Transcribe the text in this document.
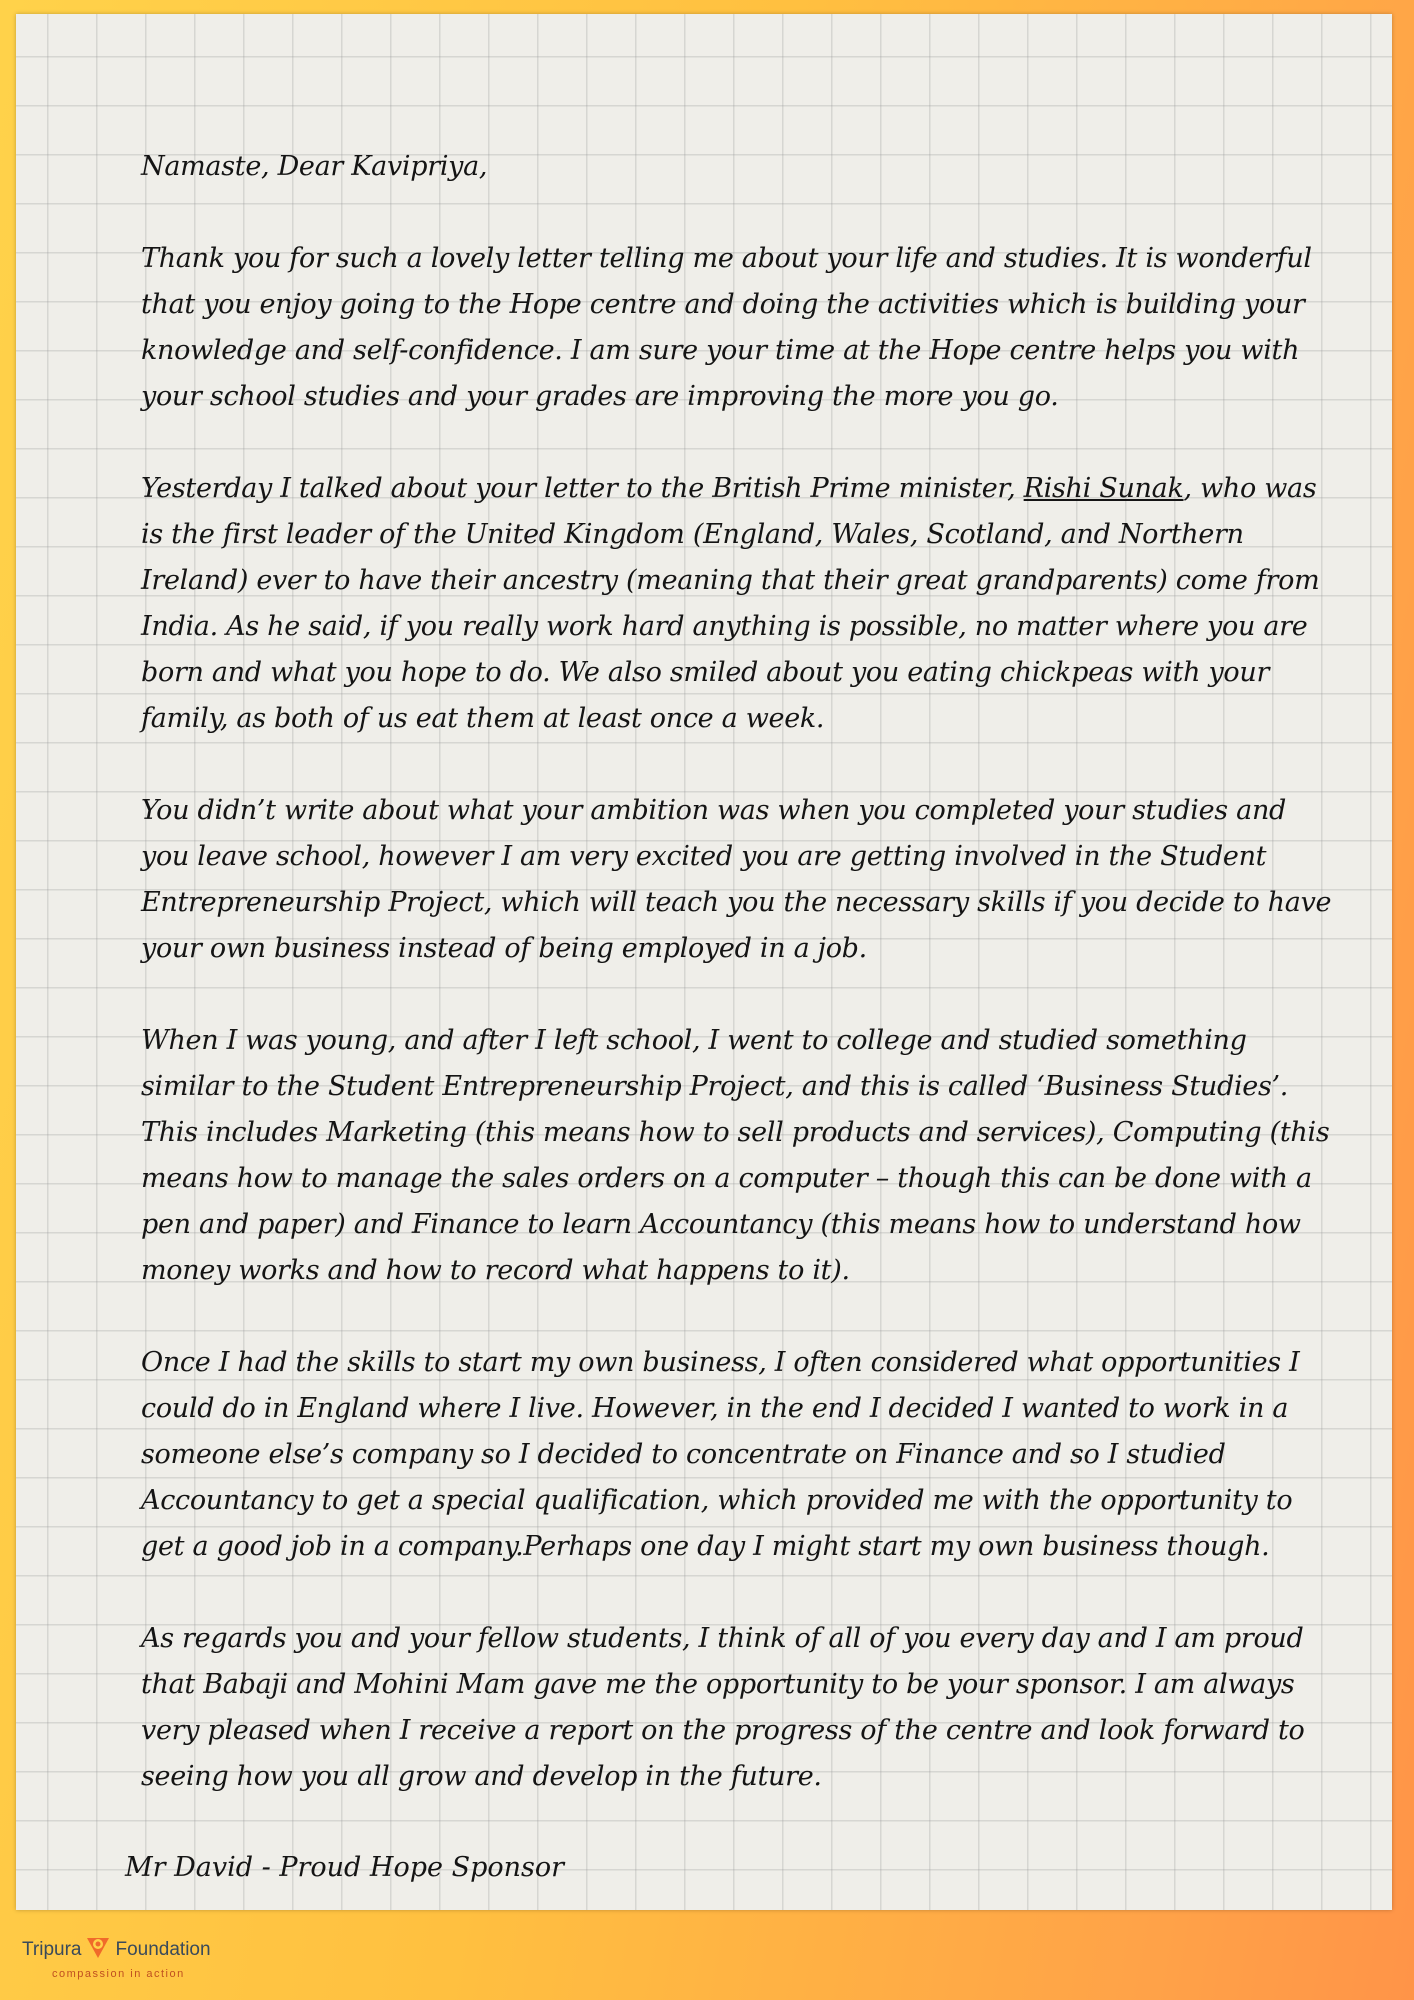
Namaste, Dear Kavipriya,

Thank you for such a lovely letter telling me about your life and studies. It is wonderful that you enjoy going to the Hope centre and doing the activities which is building your knowledge and self-confidence. I am sure your time at the Hope centre helps you with your school studies and your grades are improving the more you go.

Yesterday I talked about your letter to the British Prime minister, Rishi Sunak, who was is the first leader of the United Kingdom (England, Wales, Scotland, and Northern Ireland) ever to have their ancestry (meaning that their great grandparents) come from India. As he said, if you really work hard anything is possible, no matter where you are born and what you hope to do. We also smiled about you eating chickpeas with your family, as both of us eat them at least once a week.

You didn’t write about what your ambition was when you completed your studies and you leave school, however I am very excited you are getting involved in the Student Entrepreneurship Project, which will teach you the necessary skills if you decide to have your own business instead of being employed in a job.

When I was young, and after I left school, I went to college and studied something similar to the Student Entrepreneurship Project, and this is called ‘Business Studies’. This includes Marketing (this means how to sell products and services), Computing (this means how to manage the sales orders on a computer – though this can be done with a pen and paper) and Finance to learn Accountancy (this means how to understand how money works and how to record what happens to it).

Once I had the skills to start my own business, I often considered what opportunities I could do in England where I live. However, in the end I decided I wanted to work in a someone else’s company so I decided to concentrate on Finance and so I studied Accountancy to get a special qualification, which provided me with the opportunity to get a good job in a company.Perhaps one day I might start my own business though.

As regards you and your fellow students, I think of all of you every day and I am proud that Babaji and Mohini Mam gave me the opportunity to be your sponsor. I am always very pleased when I receive a report on the progress of the centre and look forward to seeing how you all grow and develop in the future.

Mr David - Proud Hope Sponsor
Tripura Foundation
compassion in action
